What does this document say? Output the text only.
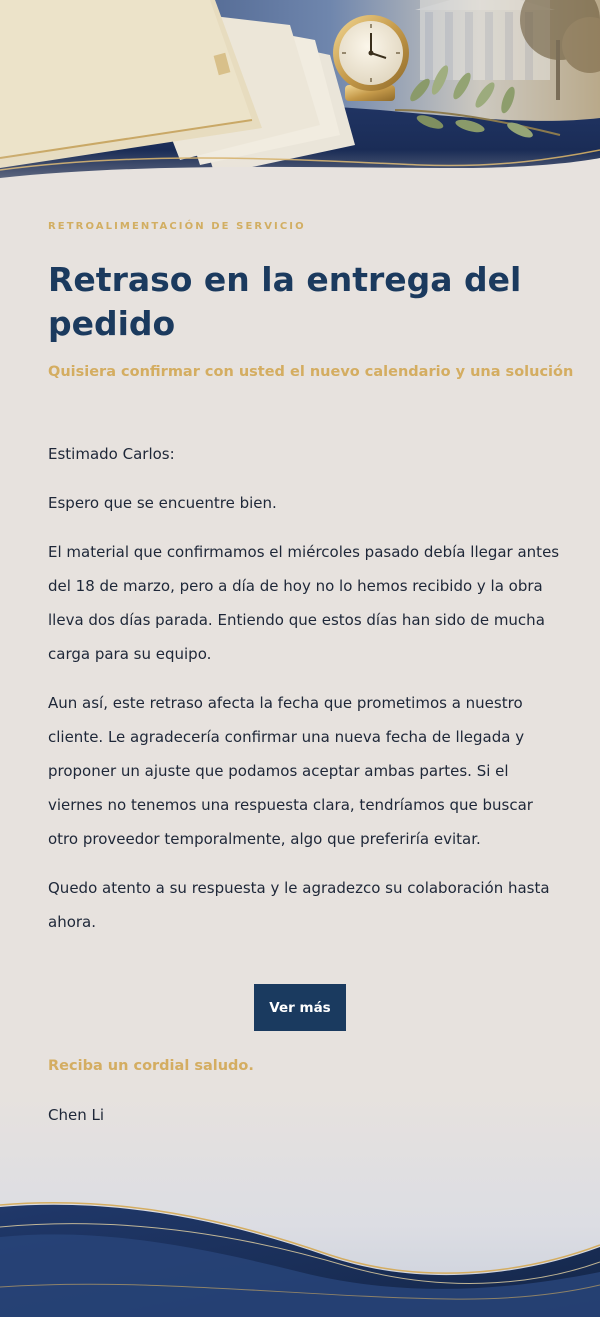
RETROALIMENTACIÓN DE SERVICIO
Retraso en la entrega del pedido
Quisiera confirmar con usted el nuevo calendario y una solución

Estimado Carlos:

Espero que se encuentre bien.

El material que confirmamos el miércoles pasado debía llegar antes del 18 de marzo, pero a día de hoy no lo hemos recibido y la obra lleva dos días parada. Entiendo que estos días han sido de mucha carga para su equipo.

Aun así, este retraso afecta la fecha que prometimos a nuestro cliente. Le agradecería confirmar una nueva fecha de llegada y proponer un ajuste que podamos aceptar ambas partes. Si el viernes no tenemos una respuesta clara, tendríamos que buscar otro proveedor temporalmente, algo que preferiría evitar.

Quedo atento a su respuesta y le agradezco su colaboración hasta ahora.

Ver más
Reciba un cordial saludo.
Chen Li
